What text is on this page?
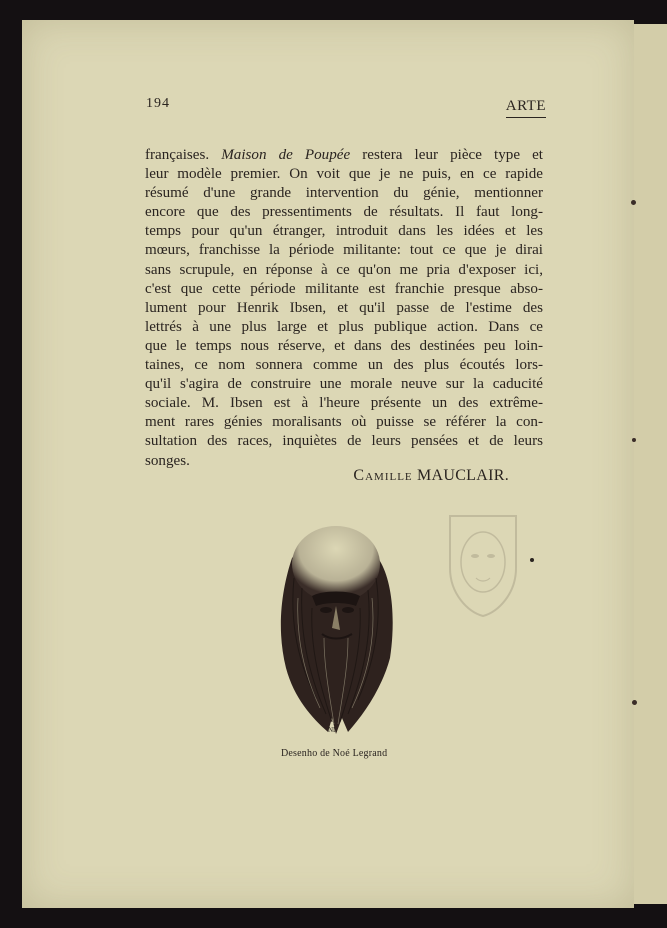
194	ARTE
françaises. Maison de Poupée restera leur pièce type et
leur modèle premier. On voit que je ne puis, en ce rapide
résumé d'une grande intervention du génie, mentionner
encore que des pressentiments de résultats. Il faut long-
temps pour qu'un étranger, introduit dans les idées et les
mœurs, franchisse la période militante: tout ce que je dirai
sans scrupule, en réponse à ce qu'on me pria d'exposer ici,
c'est que cette période militante est franchie presque abso-
lument pour Henrik Ibsen, et qu'il passe de l'estime des
lettrés à une plus large et plus publique action. Dans ce
que le temps nous réserve, et dans des destinées peu loin-
taines, ce nom sonnera comme un des plus écoutés lors-
qu'il s'agira de construire une morale neuve sur la caducité
sociale. M. Ibsen est à l'heure présente un des extrême-
ment rares génies moralisants où puisse se référer la con-
sultation des races, inquiètes de leurs pensées et de leurs
songes.
Camille MAUCLAIR.
NL
Desenho de Noé Legrand
